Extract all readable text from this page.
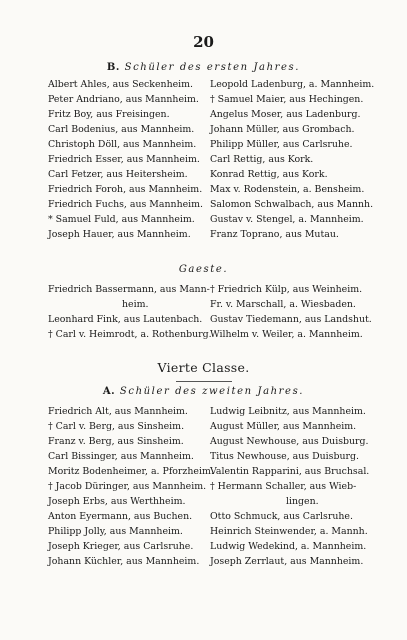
20
B. Schüler des ersten Jahres.
Albert Ahles, aus Seckenheim.
Peter Andriano, aus Mannheim.
Fritz Boy, aus Freisingen.
Carl Bodenius, aus Mannheim.
Christoph Döll, aus Mannheim.
Friedrich Esser, aus Mannheim.
Carl Fetzer, aus Heitersheim.
Friedrich Foroh, aus Mannheim.
Friedrich Fuchs, aus Mannheim.
* Samuel Fuld, aus Mannheim.
Joseph Hauer, aus Mannheim.
Leopold Ladenburg, a. Mannheim.
† Samuel Maier, aus Hechingen.
Angelus Moser, aus Ladenburg.
Johann Müller, aus Grombach.
Philipp Müller, aus Carlsruhe.
Carl Rettig, aus Kork.
Konrad Rettig, aus Kork.
Max v. Rodenstein, a. Bensheim.
Salomon Schwalbach, aus Mannh.
Gustav v. Stengel, a. Mannheim.
Franz Toprano, aus Mutau.
Gaeste.
Friedrich Bassermann, aus Mann-
heim.
Leonhard Fink, aus Lautenbach.
† Carl v. Heimrodt, a. Rothenburg.
† Friedrich Külp, aus Weinheim.
Fr. v. Marschall, a. Wiesbaden.
Gustav Tiedemann, aus Landshut.
Wilhelm v. Weiler, a. Mannheim.
Vierte Classe.
A. Schüler des zweiten Jahres.
Friedrich Alt, aus Mannheim.
† Carl v. Berg, aus Sinsheim.
Franz v. Berg, aus Sinsheim.
Carl Bissinger, aus Mannheim.
Moritz Bodenheimer, a. Pforzheim.
† Jacob Düringer, aus Mannheim.
Joseph Erbs, aus Werthheim.
Anton Eyermann, aus Buchen.
Philipp Jolly, aus Mannheim.
Joseph Krieger, aus Carlsruhe.
Johann Küchler, aus Mannheim.
Ludwig Leibnitz, aus Mannheim.
August Müller, aus Mannheim.
August Newhouse, aus Duisburg.
Titus Newhouse, aus Duisburg.
Valentin Rapparini, aus Bruchsal.
† Hermann Schaller, aus Wieb-
lingen.
Otto Schmuck, aus Carlsruhe.
Heinrich Steinwender, a. Mannh.
Ludwig Wedekind, a. Mannheim.
Joseph Zerrlaut, aus Mannheim.
